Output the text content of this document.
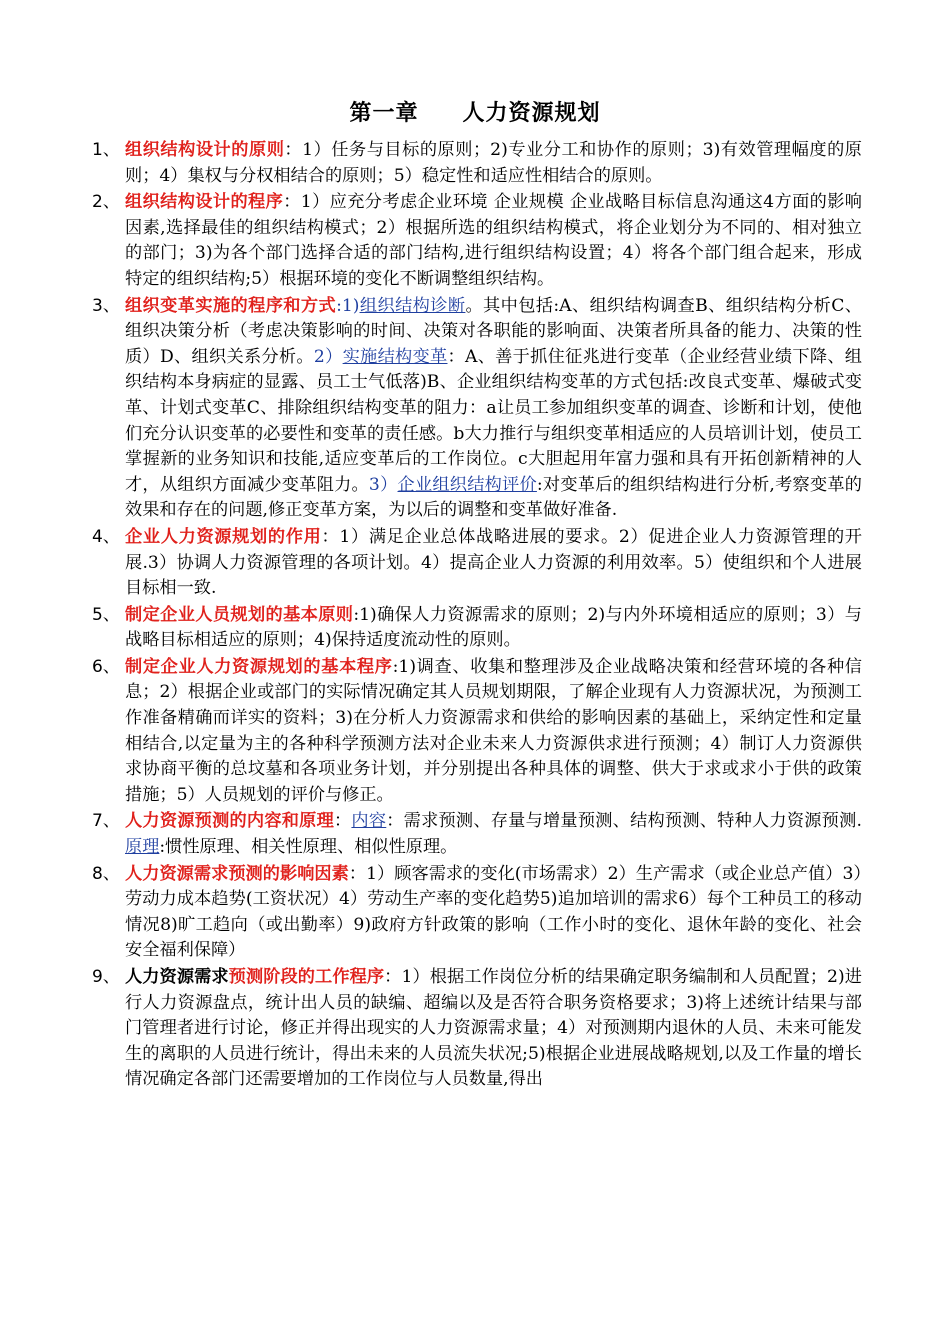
第一章 人力资源规划
1、 组织结构设计的原则：1）任务与目标的原则；2)专业分工和协作的原则；3)有效管理幅度的原则；4）集权与分权相结合的原则；5）稳定性和适应性相结合的原则。
2、 组织结构设计的程序：1）应充分考虑企业环境 企业规模 企业战略目标信息沟通这4方面的影响因素,选择最佳的组织结构模式；2）根据所选的组织结构模式，将企业划分为不同的、相对独立的部门；3)为各个部门选择合适的部门结构,进行组织结构设置；4）将各个部门组合起来，形成特定的组织结构;5）根据环境的变化不断调整组织结构。
3、 组织变革实施的程序和方式:1)组织结构诊断。其中包括:A、组织结构调查B、组织结构分析C、组织决策分析（考虑决策影响的时间、决策对各职能的影响面、决策者所具备的能力、决策的性质）D、组织关系分析。2）实施结构变革：A、善于抓住征兆进行变革（企业经营业绩下降、组织结构本身病症的显露、员工士气低落)B、企业组织结构变革的方式包括:改良式变革、爆破式变革、计划式变革C、排除组织结构变革的阻力：a让员工参加组织变革的调查、诊断和计划，使他们充分认识变革的必要性和变革的责任感。b大力推行与组织变革相适应的人员培训计划，使员工掌握新的业务知识和技能,适应变革后的工作岗位。c大胆起用年富力强和具有开拓创新精神的人才，从组织方面减少变革阻力。3）企业组织结构评价:对变革后的组织结构进行分析,考察变革的效果和存在的问题,修正变革方案，为以后的调整和变革做好准备.
4、 企业人力资源规划的作用：1）满足企业总体战略进展的要求。2）促进企业人力资源管理的开展.3）协调人力资源管理的各项计划。4）提高企业人力资源的利用效率。5）使组织和个人进展目标相一致.
5、 制定企业人员规划的基本原则:1)确保人力资源需求的原则；2)与内外环境相适应的原则；3）与战略目标相适应的原则；4)保持适度流动性的原则。
6、 制定企业人力资源规划的基本程序:1)调查、收集和整理涉及企业战略决策和经营环境的各种信息；2）根据企业或部门的实际情况确定其人员规划期限，了解企业现有人力资源状况，为预测工作准备精确而详实的资料；3)在分析人力资源需求和供给的影响因素的基础上，采纳定性和定量相结合,以定量为主的各种科学预测方法对企业未来人力资源供求进行预测；4）制订人力资源供求协商平衡的总坟墓和各项业务计划，并分别提出各种具体的调整、供大于求或求小于供的政策措施；5）人员规划的评价与修正。
7、 人力资源预测的内容和原理：内容：需求预测、存量与增量预测、结构预测、特种人力资源预测.原理:惯性原理、相关性原理、相似性原理。
8、 人力资源需求预测的影响因素：1）顾客需求的变化(市场需求）2）生产需求（或企业总产值）3）劳动力成本趋势(工资状况）4）劳动生产率的变化趋势5)追加培训的需求6）每个工种员工的移动情况8)旷工趋向（或出勤率）9)政府方针政策的影响（工作小时的变化、退休年龄的变化、社会安全福利保障）
9、 人力资源需求预测阶段的工作程序：1）根据工作岗位分析的结果确定职务编制和人员配置；2)进行人力资源盘点，统计出人员的缺编、超编以及是否符合职务资格要求；3)将上述统计结果与部门管理者进行讨论，修正并得出现实的人力资源需求量；4）对预测期内退休的人员、未来可能发生的离职的人员进行统计，得出未来的人员流失状况;5)根据企业进展战略规划,以及工作量的增长情况确定各部门还需要增加的工作岗位与人员数量,得出
